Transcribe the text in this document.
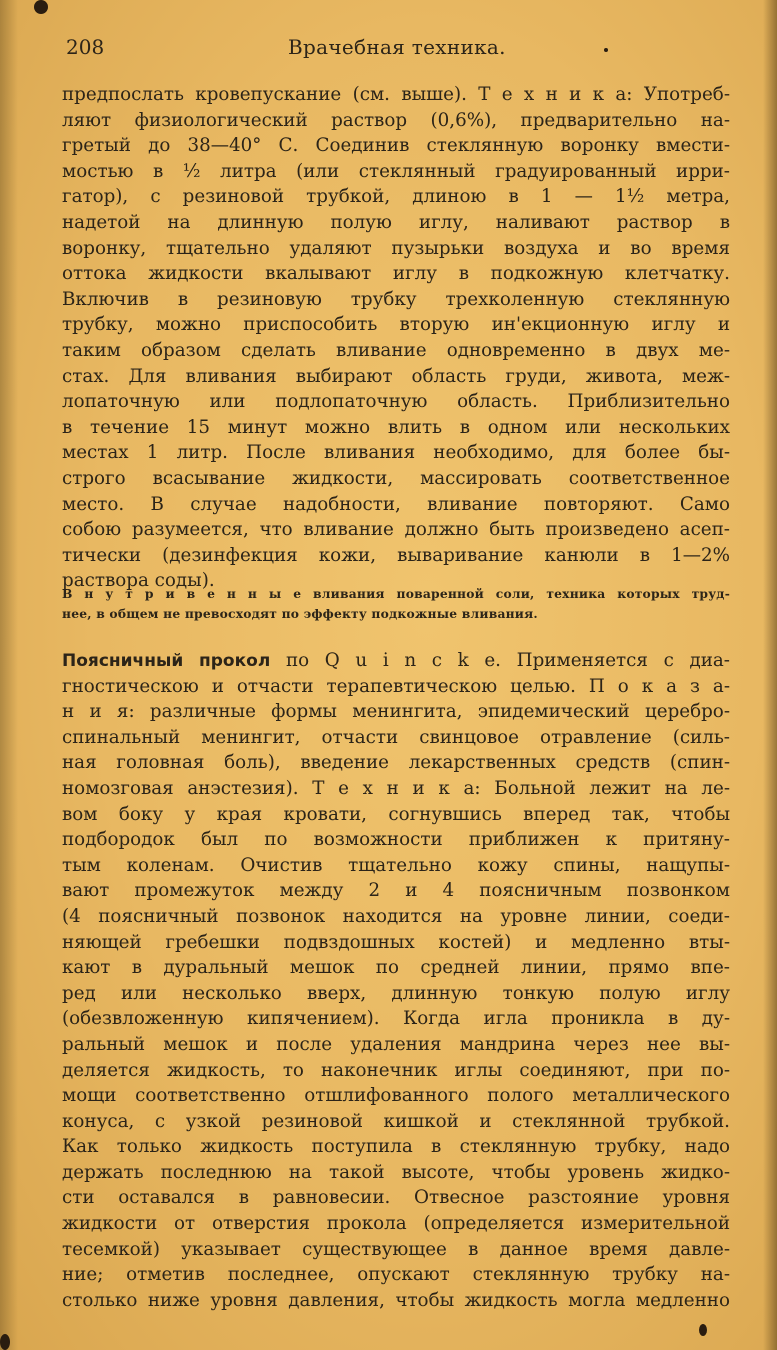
208	Врачебная техника.
предпослать кровепускание (см. выше). Т е х н и к а: Употреб-
ляют физиологический раствор (0,6%), предварительно на-
гретый до 38—40° С. Соединив стеклянную воронку вмести-
мостью в ½ литра (или стеклянный градуированный ирри-
гатор), с резиновой трубкой, длиною в 1 — 1½ метра,
надетой на длинную полую иглу, наливают раствор в
воронку, тщательно удаляют пузырьки воздуха и во время
оттока жидкости вкалывают иглу в подкожную клетчатку.
Включив в резиновую трубку трехколенную стеклянную
трубку, можно приспособить вторую ин'екционную иглу и
таким образом сделать вливание одновременно в двух ме-
стах. Для вливания выбирают область груди, живота, меж-
лопаточную или подлопаточную область. Приблизительно
в течение 15 минут можно влить в одном или нескольких
местах 1 литр. После вливания необходимо, для более бы-
строго всасывание жидкости, массировать соответственное
место. В случае надобности, вливание повторяют. Само
собою разумеется, что вливание должно быть произведено асеп-
тически (дезинфекция кожи, вываривание канюли в 1—2%
раствора соды).
В н у т р и в е н н ы е вливания поваренной соли, техника которых труд-
нее, в общем не превосходят по эффекту подкожные вливания.
Поясничный прокол по Q u i n c k e. Применяется с диа-
гностическою и отчасти терапевтическою целью. П о к а з а-
н и я: различные формы менингита, эпидемический церебро-
спинальный менингит, отчасти свинцовое отравление (силь-
ная головная боль), введение лекарственных средств (спин-
номозговая анэстезия). Т е х н и к а: Больной лежит на ле-
вом боку у края кровати, согнувшись вперед так, чтобы
подбородок был по возможности приближен к притяну-
тым коленам. Очистив тщательно кожу спины, нащупы-
вают промежуток между 2 и 4 поясничным позвонком
(4 поясничный позвонок находится на уровне линии, соеди-
няющей гребешки подвздошных костей) и медленно вты-
кают в дуральный мешок по средней линии, прямо впе-
ред или несколько вверх, длинную тонкую полую иглу
(обезвложенную кипячением). Когда игла проникла в ду-
ральный мешок и после удаления мандрина через нее вы-
деляется жидкость, то наконечник иглы соединяют, при по-
мощи соответственно отшлифованного полого металлического
конуса, с узкой резиновой кишкой и стеклянной трубкой.
Как только жидкость поступила в стеклянную трубку, надо
держать последнюю на такой высоте, чтобы уровень жидко-
сти оставался в равновесии. Отвесное разстояние уровня
жидкости от отверстия прокола (определяется измерительной
тесемкой) указывает существующее в данное время давле-
ние; отметив последнее, опускают стеклянную трубку на-
столько ниже уровня давления, чтобы жидкость могла медленно
